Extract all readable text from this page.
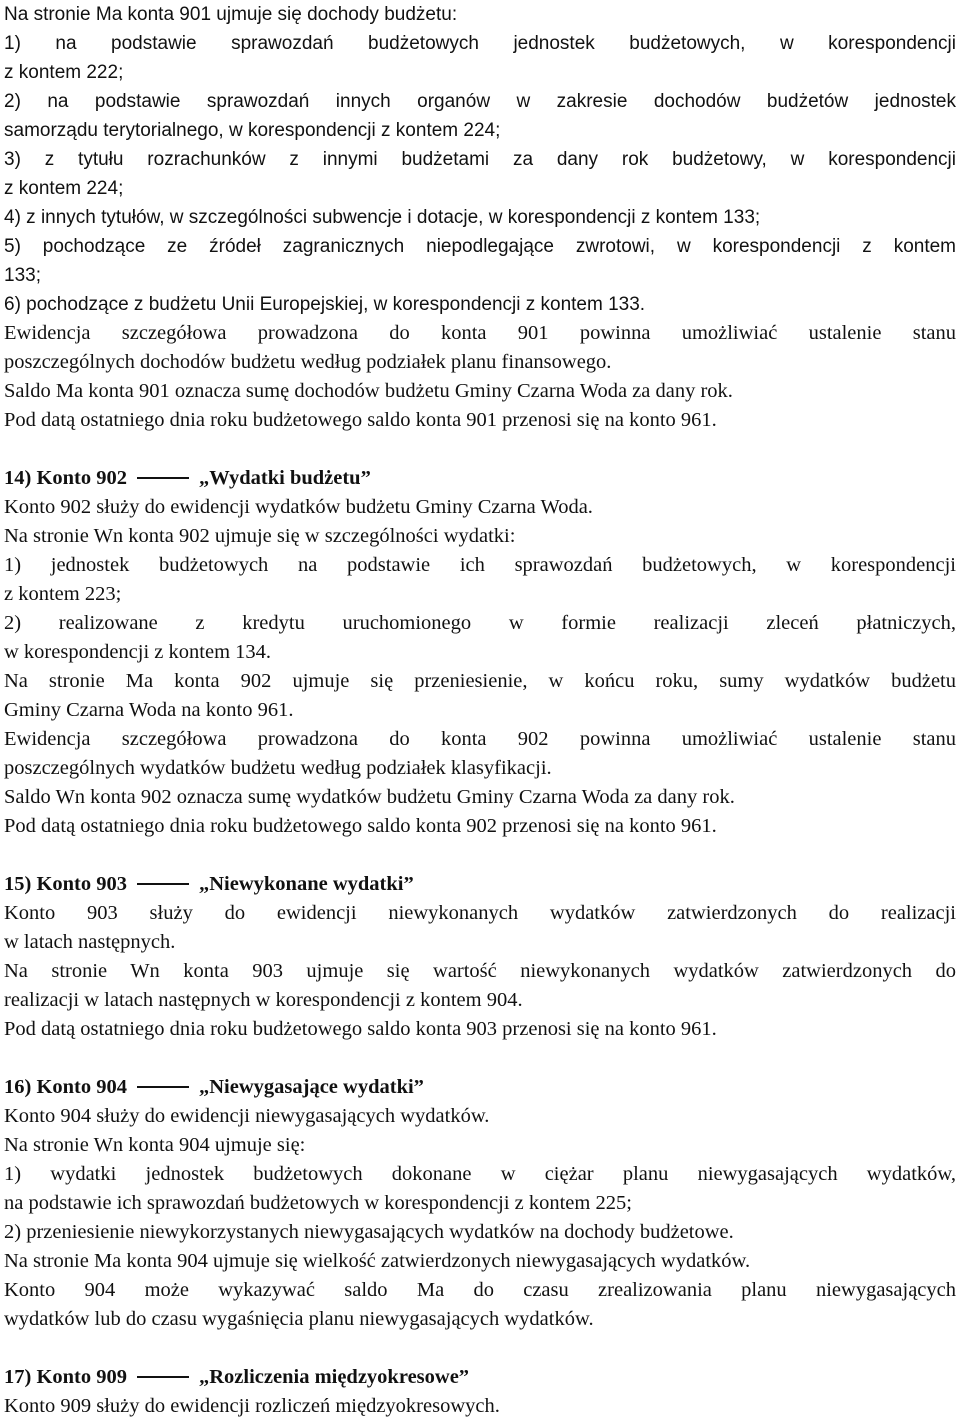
Na stronie Ma konta 901 ujmuje się dochody budżetu:
1) na podstawie sprawozdań budżetowych jednostek budżetowych, w korespondencji
z kontem 222;
2) na podstawie sprawozdań innych organów w zakresie dochodów budżetów jednostek
samorządu terytorialnego, w korespondencji z kontem 224;
3) z tytułu rozrachunków z innymi budżetami za dany rok budżetowy, w korespondencji
z kontem 224;
4) z innych tytułów, w szczególności subwencje i dotacje, w korespondencji z kontem 133;
5) pochodzące ze źródeł zagranicznych niepodlegające zwrotowi, w korespondencji z kontem
133;
6) pochodzące z budżetu Unii Europejskiej, w korespondencji z kontem 133.
Ewidencja szczegółowa prowadzona do konta 901 powinna umożliwiać ustalenie stanu
poszczególnych dochodów budżetu według podziałek planu finansowego.
Saldo Ma konta 901 oznacza sumę dochodów budżetu Gminy Czarna Woda za dany rok.
Pod datą ostatniego dnia roku budżetowego saldo konta 901 przenosi się na konto 961.
14) Konto 902	„Wydatki budżetu”
Konto 902 służy do ewidencji wydatków budżetu Gminy Czarna Woda.
Na stronie Wn konta 902 ujmuje się w szczególności wydatki:
1) jednostek budżetowych na podstawie ich sprawozdań budżetowych, w korespondencji
z kontem 223;
2) realizowane z kredytu uruchomionego w formie realizacji zleceń płatniczych,
w korespondencji z kontem 134.
Na stronie Ma konta 902 ujmuje się przeniesienie, w końcu roku, sumy wydatków budżetu
Gminy Czarna Woda na konto 961.
Ewidencja szczegółowa prowadzona do konta 902 powinna umożliwiać ustalenie stanu
poszczególnych wydatków budżetu według podziałek klasyfikacji.
Saldo Wn konta 902 oznacza sumę wydatków budżetu Gminy Czarna Woda za dany rok.
Pod datą ostatniego dnia roku budżetowego saldo konta 902 przenosi się na konto 961.
15) Konto 903	„Niewykonane wydatki”
Konto 903 służy do ewidencji niewykonanych wydatków zatwierdzonych do realizacji
w latach następnych.
Na stronie Wn konta 903 ujmuje się wartość niewykonanych wydatków zatwierdzonych do
realizacji w latach następnych w korespondencji z kontem 904.
Pod datą ostatniego dnia roku budżetowego saldo konta 903 przenosi się na konto 961.
16) Konto 904	„Niewygasające wydatki”
Konto 904 służy do ewidencji niewygasających wydatków.
Na stronie Wn konta 904 ujmuje się:
1) wydatki jednostek budżetowych dokonane w ciężar planu niewygasających wydatków,
na podstawie ich sprawozdań budżetowych w korespondencji z kontem 225;
2) przeniesienie niewykorzystanych niewygasających wydatków na dochody budżetowe.
Na stronie Ma konta 904 ujmuje się wielkość zatwierdzonych niewygasających wydatków.
Konto 904 może wykazywać saldo Ma do czasu zrealizowania planu niewygasających
wydatków lub do czasu wygaśnięcia planu niewygasających wydatków.
17) Konto 909	„Rozliczenia międzyokresowe”
Konto 909 służy do ewidencji rozliczeń międzyokresowych.
